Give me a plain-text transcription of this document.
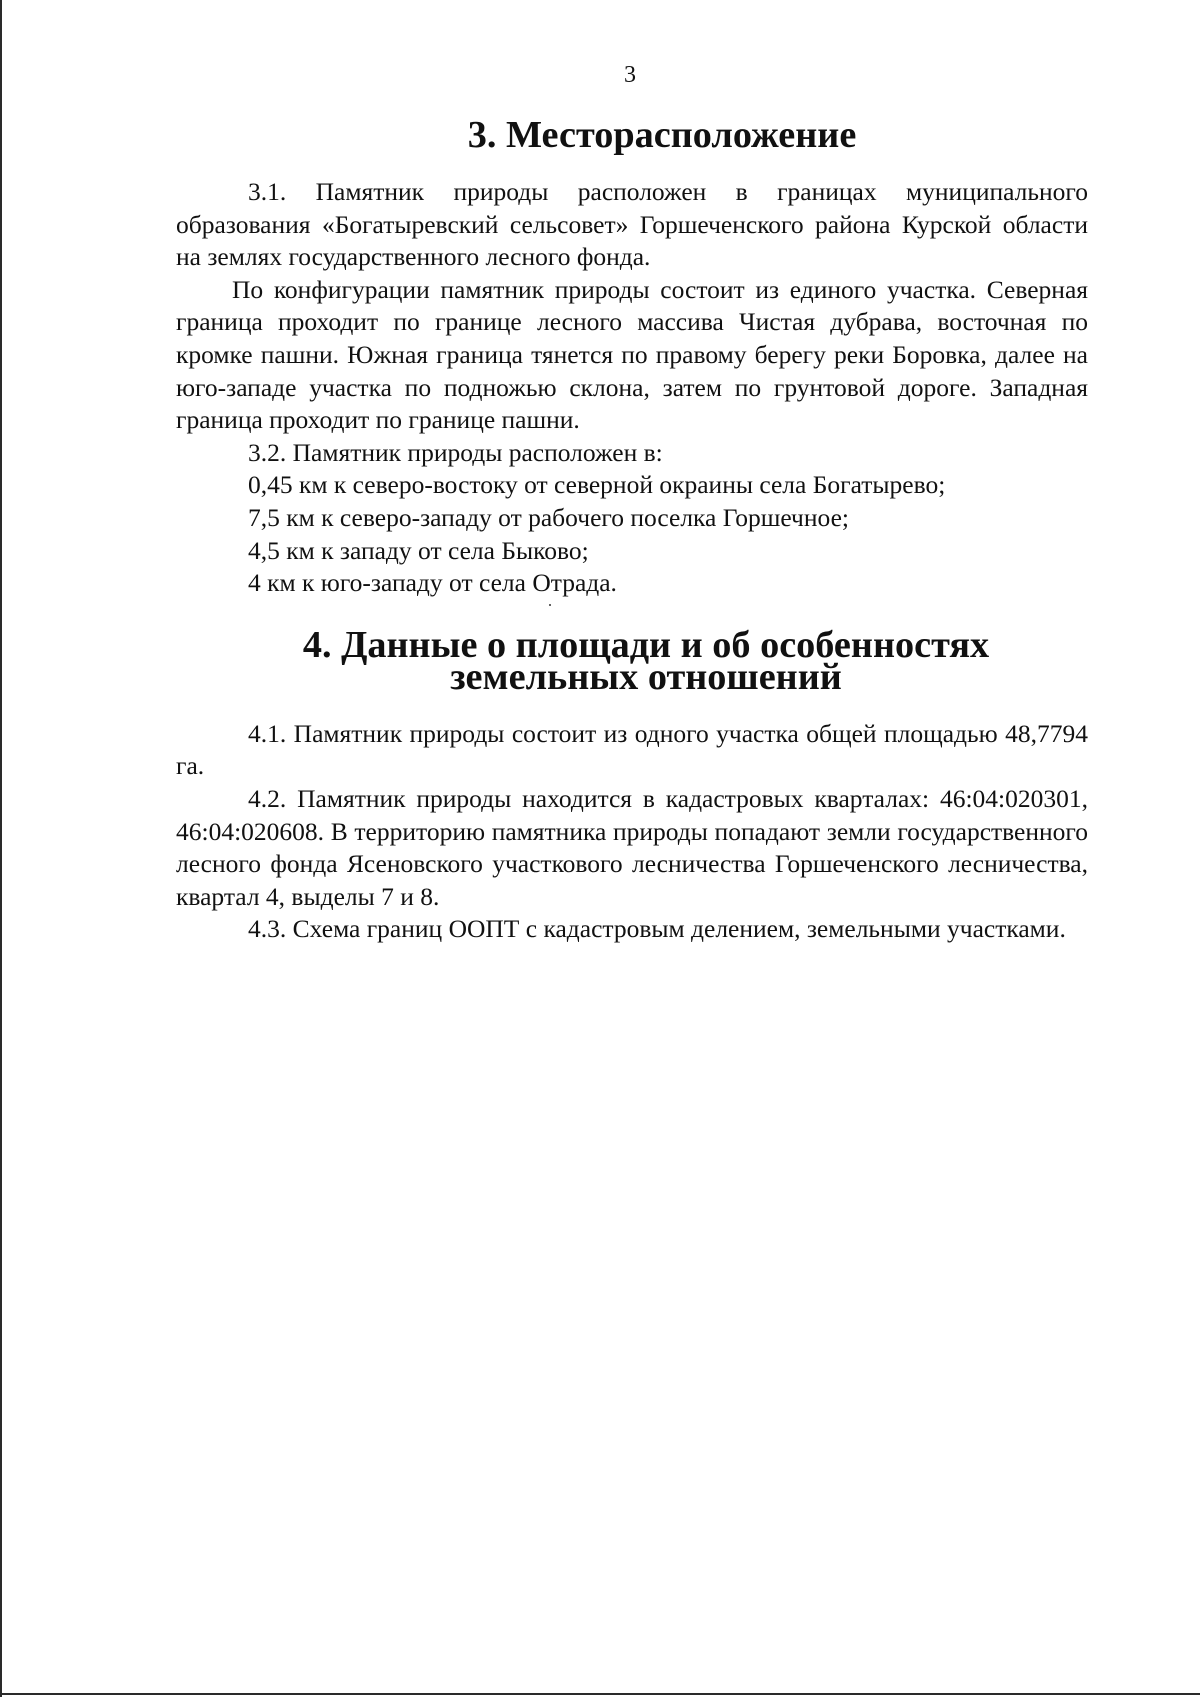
3
3. Месторасположение

3.1. Памятник природы расположен в границах муниципального образования «Богатыревский сельсовет» Горшеченского района Курской области на землях государственного лесного фонда.

По конфигурации памятник природы состоит из единого участка. Северная граница проходит по границе лесного массива Чистая дубрава, восточная по кромке пашни. Южная граница тянется по правому берегу реки Боровка, далее на юго-западе участка по подножью склона, затем по грунтовой дороге. Западная граница проходит по границе пашни.

3.2. Памятник природы расположен в:

0,45 км к северо-востоку от северной окраины села Богатырево;

7,5 км к северо-западу от рабочего поселка Горшечное;

4,5 км к западу от села Быково;

4 км к юго-западу от села Отрада.

4. Данные о площади и об особенностях земельных отношений

4.1. Памятник природы состоит из одного участка общей площадью 48,7794 га.

4.2. Памятник природы находится в кадастровых кварталах: 46:04:020301, 46:04:020608. В территорию памятника природы попадают земли государственного лесного фонда Ясеновского участкового лесничества Горшеченского лесничества, квартал 4, выделы 7 и 8.

4.3. Схема границ ООПТ с кадастровым делением, земельными участками.
